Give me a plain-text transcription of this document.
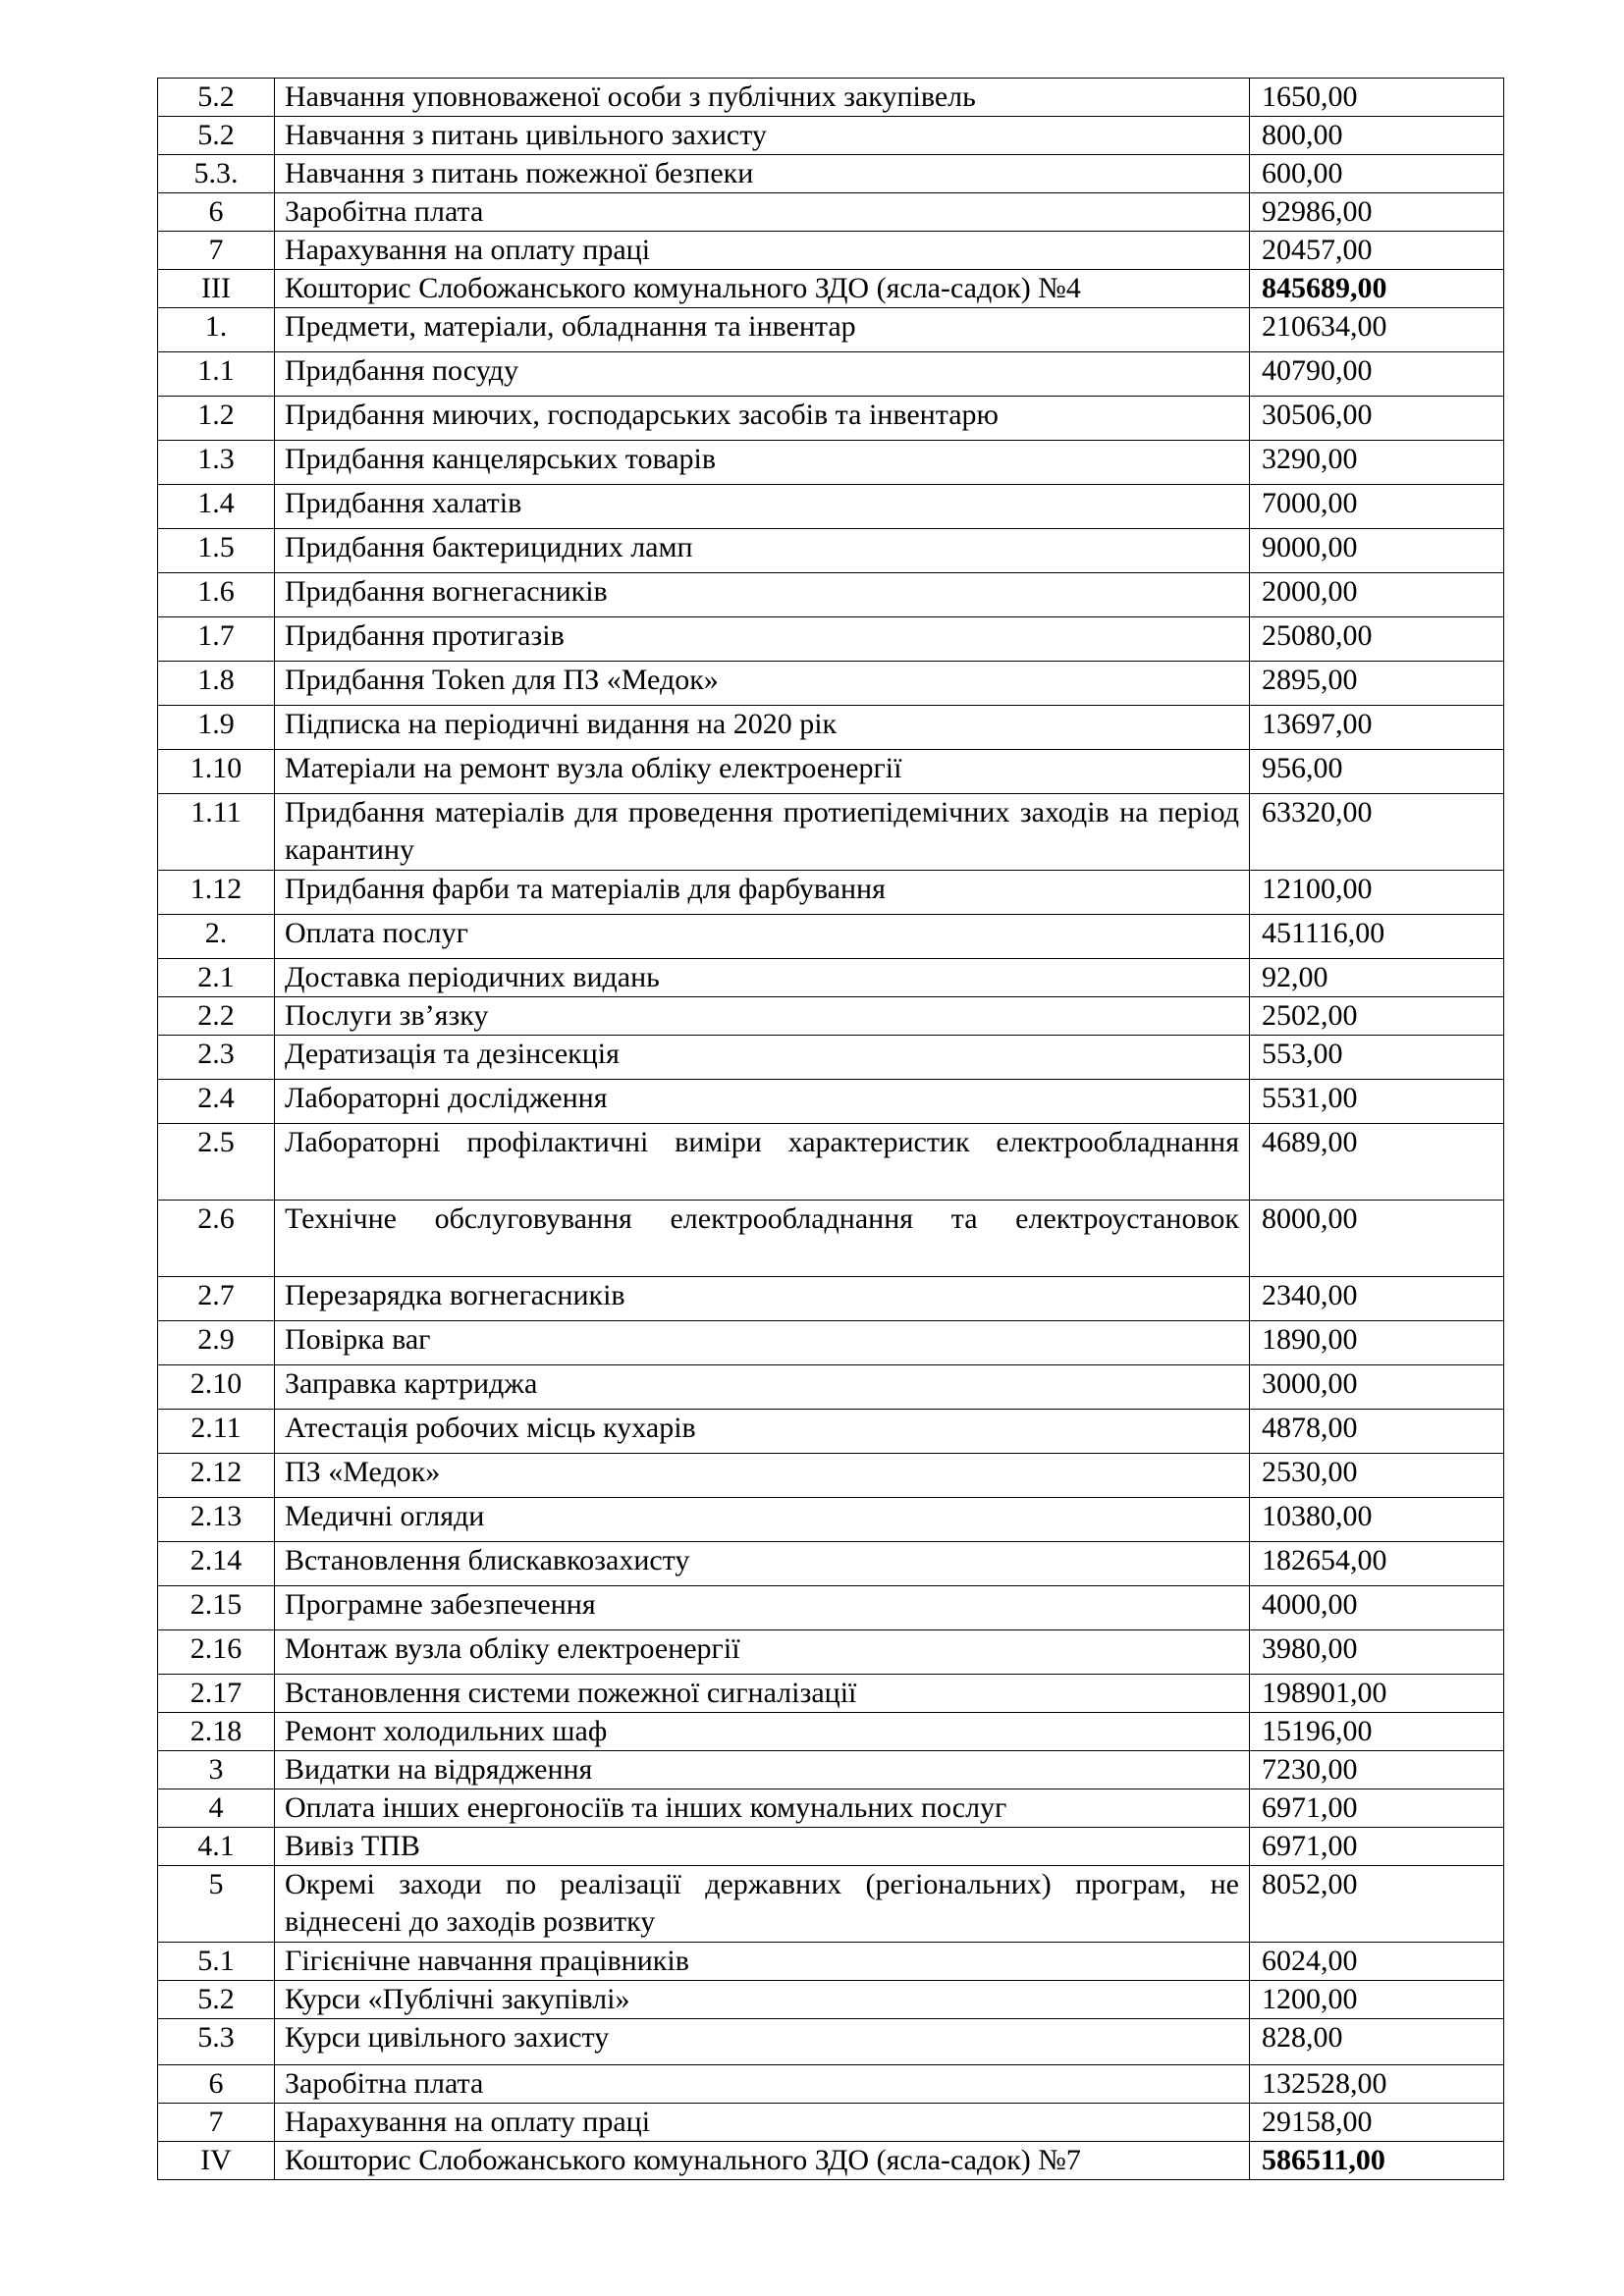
5.2	Навчання уповноваженої особи з публічних закупівель	1650,00
5.2	Навчання з питань цивільного захисту	800,00
5.3.	Навчання з питань пожежної безпеки	600,00
6	Заробітна плата	92986,00
7	Нарахування на оплату праці	20457,00
III	Кошторис Слобожанського комунального ЗДО (ясла-садок) №4	845689,00
1.	Предмети, матеріали, обладнання та інвентар	210634,00
1.1	Придбання посуду	40790,00
1.2	Придбання миючих, господарських засобів та інвентарю	30506,00
1.3	Придбання канцелярських товарів	3290,00
1.4	Придбання халатів	7000,00
1.5	Придбання бактерицидних ламп	9000,00
1.6	Придбання вогнегасників	2000,00
1.7	Придбання протигазів	25080,00
1.8	Придбання Token для ПЗ «Медок»	2895,00
1.9	Підписка на періодичні видання на 2020 рік	13697,00
1.10	Матеріали на ремонт вузла обліку електроенергії	956,00
1.11	Придбання матеріалів для проведення протиепідемічних заходів на період карантину	63320,00
1.12	Придбання фарби та матеріалів для фарбування	12100,00
2.	Оплата послуг	451116,00
2.1	Доставка періодичних видань	92,00
2.2	Послуги зв’язку	2502,00
2.3	Дератизація та дезінсекція	553,00
2.4	Лабораторні дослідження	5531,00
2.5	Лабораторні профілактичні виміри характеристик електрообладнання	4689,00
2.6	Технічне обслуговування електрообладнання та електроустановок	8000,00
2.7	Перезарядка вогнегасників	2340,00
2.9	Повірка ваг	1890,00
2.10	Заправка картриджа	3000,00
2.11	Атестація робочих місць кухарів	4878,00
2.12	ПЗ «Медок»	2530,00
2.13	Медичні огляди	10380,00
2.14	Встановлення блискавкозахисту	182654,00
2.15	Програмне забезпечення	4000,00
2.16	Монтаж вузла обліку електроенергії	3980,00
2.17	Встановлення системи пожежної сигналізації	198901,00
2.18	Ремонт холодильних шаф	15196,00
3	Видатки на відрядження	7230,00
4	Оплата інших енергоносіїв та інших комунальних послуг	6971,00
4.1	Вивіз ТПВ	6971,00
5	Окремі заходи по реалізації державних (регіональних) програм, не віднесені до заходів розвитку	8052,00
5.1	Гігієнічне навчання працівників	6024,00
5.2	Курси «Публічні закупівлі»	1200,00
5.3	Курси цивільного захисту	828,00
6	Заробітна плата	132528,00
7	Нарахування на оплату праці	29158,00
IV	Кошторис Слобожанського комунального ЗДО (ясла-садок) №7	586511,00
